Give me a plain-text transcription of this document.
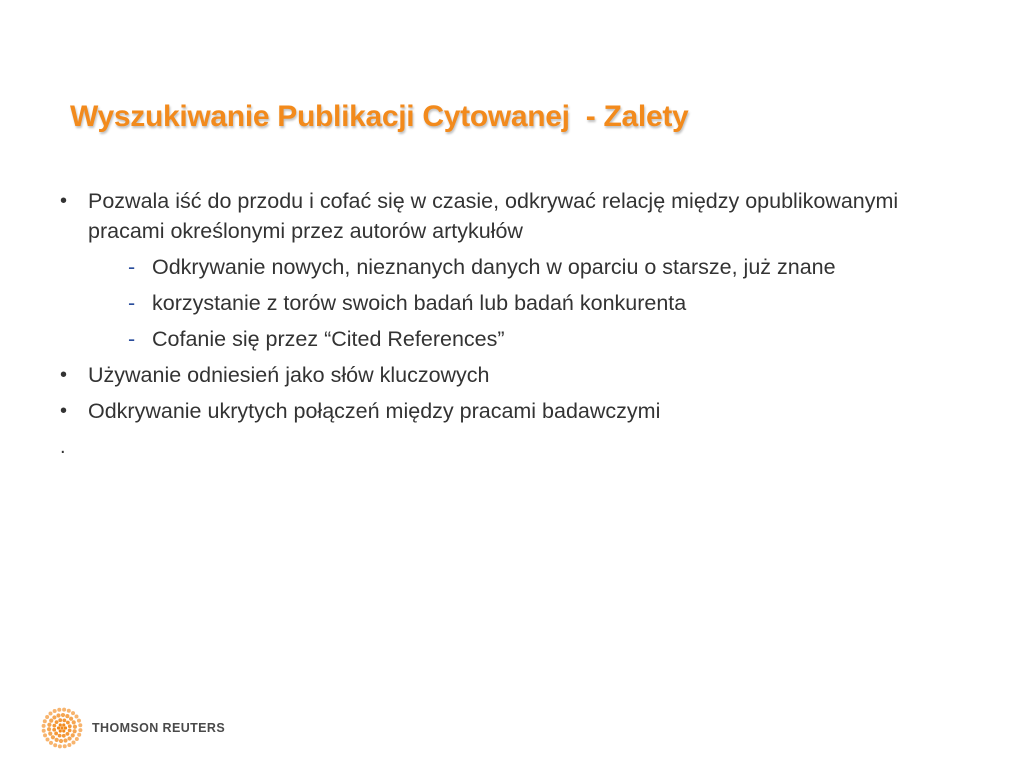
Wyszukiwanie Publikacji Cytowanej  - Zalety
• Pozwala iść do przodu i cofać się w czasie, odkrywać relację między opublikowanymi pracami określonymi przez autorów artykułów
- Odkrywanie nowych, nieznanych danych w oparciu o starsze, już znane
- korzystanie z torów swoich badań lub badań konkurenta
- Cofanie się przez “Cited References”
• Używanie odniesień jako słów kluczowych
• Odkrywanie ukrytych połączeń między pracami badawczymi
.
THOMSON REUTERS
